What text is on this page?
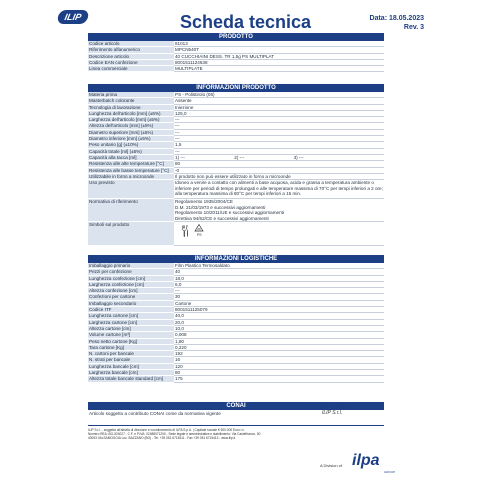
ILIP	Scheda tecnica	Data: 18.05.2023
Rev. 3
PRODOTTO
Codice articolo	81013
Riferimento alfanumerico	MPCN540T
Descrizione articolo	40 CUCCHIAINI DESS. TR 1,5g PS MULTIPLAT
Codice EAN confezione	8001511124638
Linea commerciale	MULTIPLATE
INFORMAZIONI PRODOTTO
Materia prima	PS - Polistirolo (06)
Masterbatch colorante	Assente
Tecnologia di lavorazione	Iniezione
Lunghezza dell'articolo [mm] (±5%)	125,0
Larghezza dell'articolo [mm] (±5%)	---
Altezza dell'articolo [mm] (±5%)	---
Diametro superiore [mm] (±5%)	---
Diametro inferiore [mm] (±5%)	---
Peso unitario [g] (±10%)	1,5
Capacità totale [ml] (±5%)	---
Capacità alla tacca [ml]	1) ---	2) ---	3) ---
Resistenza alle alte temperature [°C]	80
Resistenza alle basse temperature [°C]	-0
Utilizzabile in forno a microonde	Il prodotto non può essere utilizzato in forno a microonde
Uso previsto	Idoneo a venire a contatto con alimenti a base acquosa, acida e grassa a temperatura ambiente o inferiore per periodi di tempo prolungati e alle temperature massima di 70°C per tempi inferiori a 2 ore; alla temperatura massima di 80°C per tempi inferiori a 15 min.
Normativa di riferimento	Regolamento 1935/2004/CE
D.M. 21/03/1973 e successivi aggiornamenti
Regolamento 10/2011/UE e successivi aggiornamenti
Direttiva 94/62/CE e successivi aggiornamenti

Simboli sul prodotto	06
PS
INFORMAZIONI LOGISTICHE
Imballaggio primario	Film Plastico Termosaldato
Pezzi per confezione	40
Lunghezza confezione [cm]	18,0
Larghezza confezione [cm]	6,0
Altezza confezione [cm]	---
Confezioni per cartone	30
Imballaggio secondario	Cartone
Codice ITF	8001511125079
Lunghezza cartone [cm]	40,0
Larghezza cartone [cm]	20,0
Altezza cartone [cm]	10,0
Volume cartone [m³]	0,008
Peso netto cartone [Kg]	1,80
Tara cartone [Kg]	0,220
N. cartoni per bancale	192
N. strati per bancale	16
Lunghezza bancale [cm]	120
Larghezza bancale [cm]	80
Altezza totale bancale standard [cm]	175
CONAI
Articolo soggetto a contributo CONAI come da normativa vigente
Approvazione:
ILIP S.r.l.
ILIP S.r.l. - soggetta all'attività di direzione e coordinamento di ILPA S.p.A. | Capitale sociale € 500.000 Euro i.v.
Numero REA: BO-524027 - C.F. e P.IVA: 02488071200 - Sede legale e amministrativa e stabilimento: Via Castelfranco, 50
40053 VALSAMOGGIA Loc. BAZZANO (BO) - Tel. +39 051 6715411 - Fax +39 051 6715413 - www.ilip.it
A Division of ilpa
GROUP
